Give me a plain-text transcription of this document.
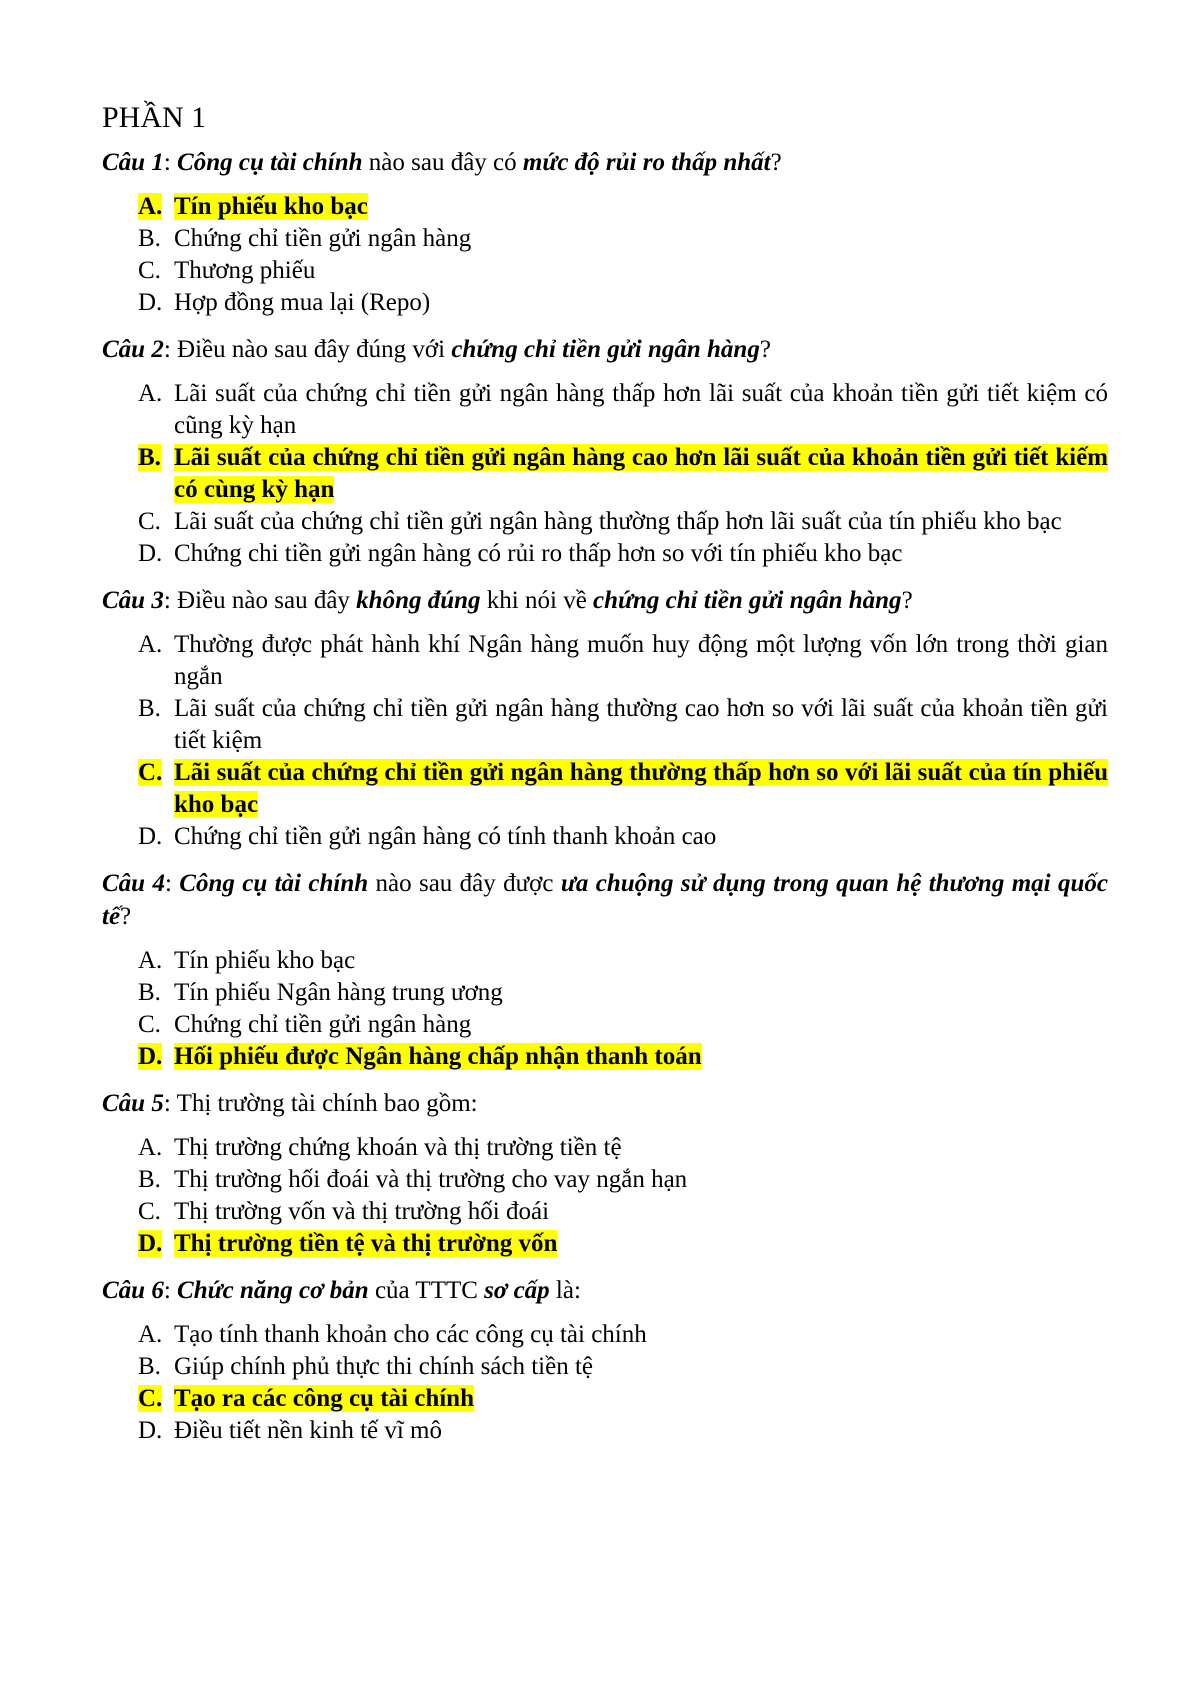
PHẦN 1

Câu 1: Công cụ tài chính nào sau đây có mức độ rủi ro thấp nhất?

A. Tín phiếu kho bạc
B. Chứng chỉ tiền gửi ngân hàng
C. Thương phiếu
D. Hợp đồng mua lại (Repo)

Câu 2: Điều nào sau đây đúng với chứng chỉ tiền gửi ngân hàng?

A. Lãi suất của chứng chỉ tiền gửi ngân hàng thấp hơn lãi suất của khoản tiền gửi tiết kiệm có cũng kỳ hạn
B. Lãi suất của chứng chỉ tiền gửi ngân hàng cao hơn lãi suất của khoản tiền gửi tiết kiếm có cùng kỳ hạn
C. Lãi suất của chứng chỉ tiền gửi ngân hàng thường thấp hơn lãi suất của tín phiếu kho bạc
D. Chứng chi tiền gửi ngân hàng có rủi ro thấp hơn so với tín phiếu kho bạc

Câu 3: Điều nào sau đây không đúng khi nói về chứng chỉ tiền gửi ngân hàng?

A. Thường được phát hành khí Ngân hàng muốn huy động một lượng vốn lớn trong thời gian ngắn
B. Lãi suất của chứng chỉ tiền gửi ngân hàng thường cao hơn so với lãi suất của khoản tiền gửi tiết kiệm
C. Lãi suất của chứng chỉ tiền gửi ngân hàng thường thấp hơn so với lãi suất của tín phiếu kho bạc
D. Chứng chỉ tiền gửi ngân hàng có tính thanh khoản cao

Câu 4: Công cụ tài chính nào sau đây được ưa chuộng sử dụng trong quan hệ thương mại quốc tế?

A. Tín phiếu kho bạc
B. Tín phiếu Ngân hàng trung ương
C. Chứng chỉ tiền gửi ngân hàng
D. Hối phiếu được Ngân hàng chấp nhận thanh toán

Câu 5: Thị trường tài chính bao gồm:

A. Thị trường chứng khoán và thị trường tiền tệ
B. Thị trường hối đoái và thị trường cho vay ngắn hạn
C. Thị trường vốn và thị trường hối đoái
D. Thị trường tiền tệ và thị trường vốn

Câu 6: Chức năng cơ bản của TTTC sơ cấp là:

A. Tạo tính thanh khoản cho các công cụ tài chính
B. Giúp chính phủ thực thi chính sách tiền tệ
C. Tạo ra các công cụ tài chính
D. Điều tiết nền kinh tế vĩ mô
